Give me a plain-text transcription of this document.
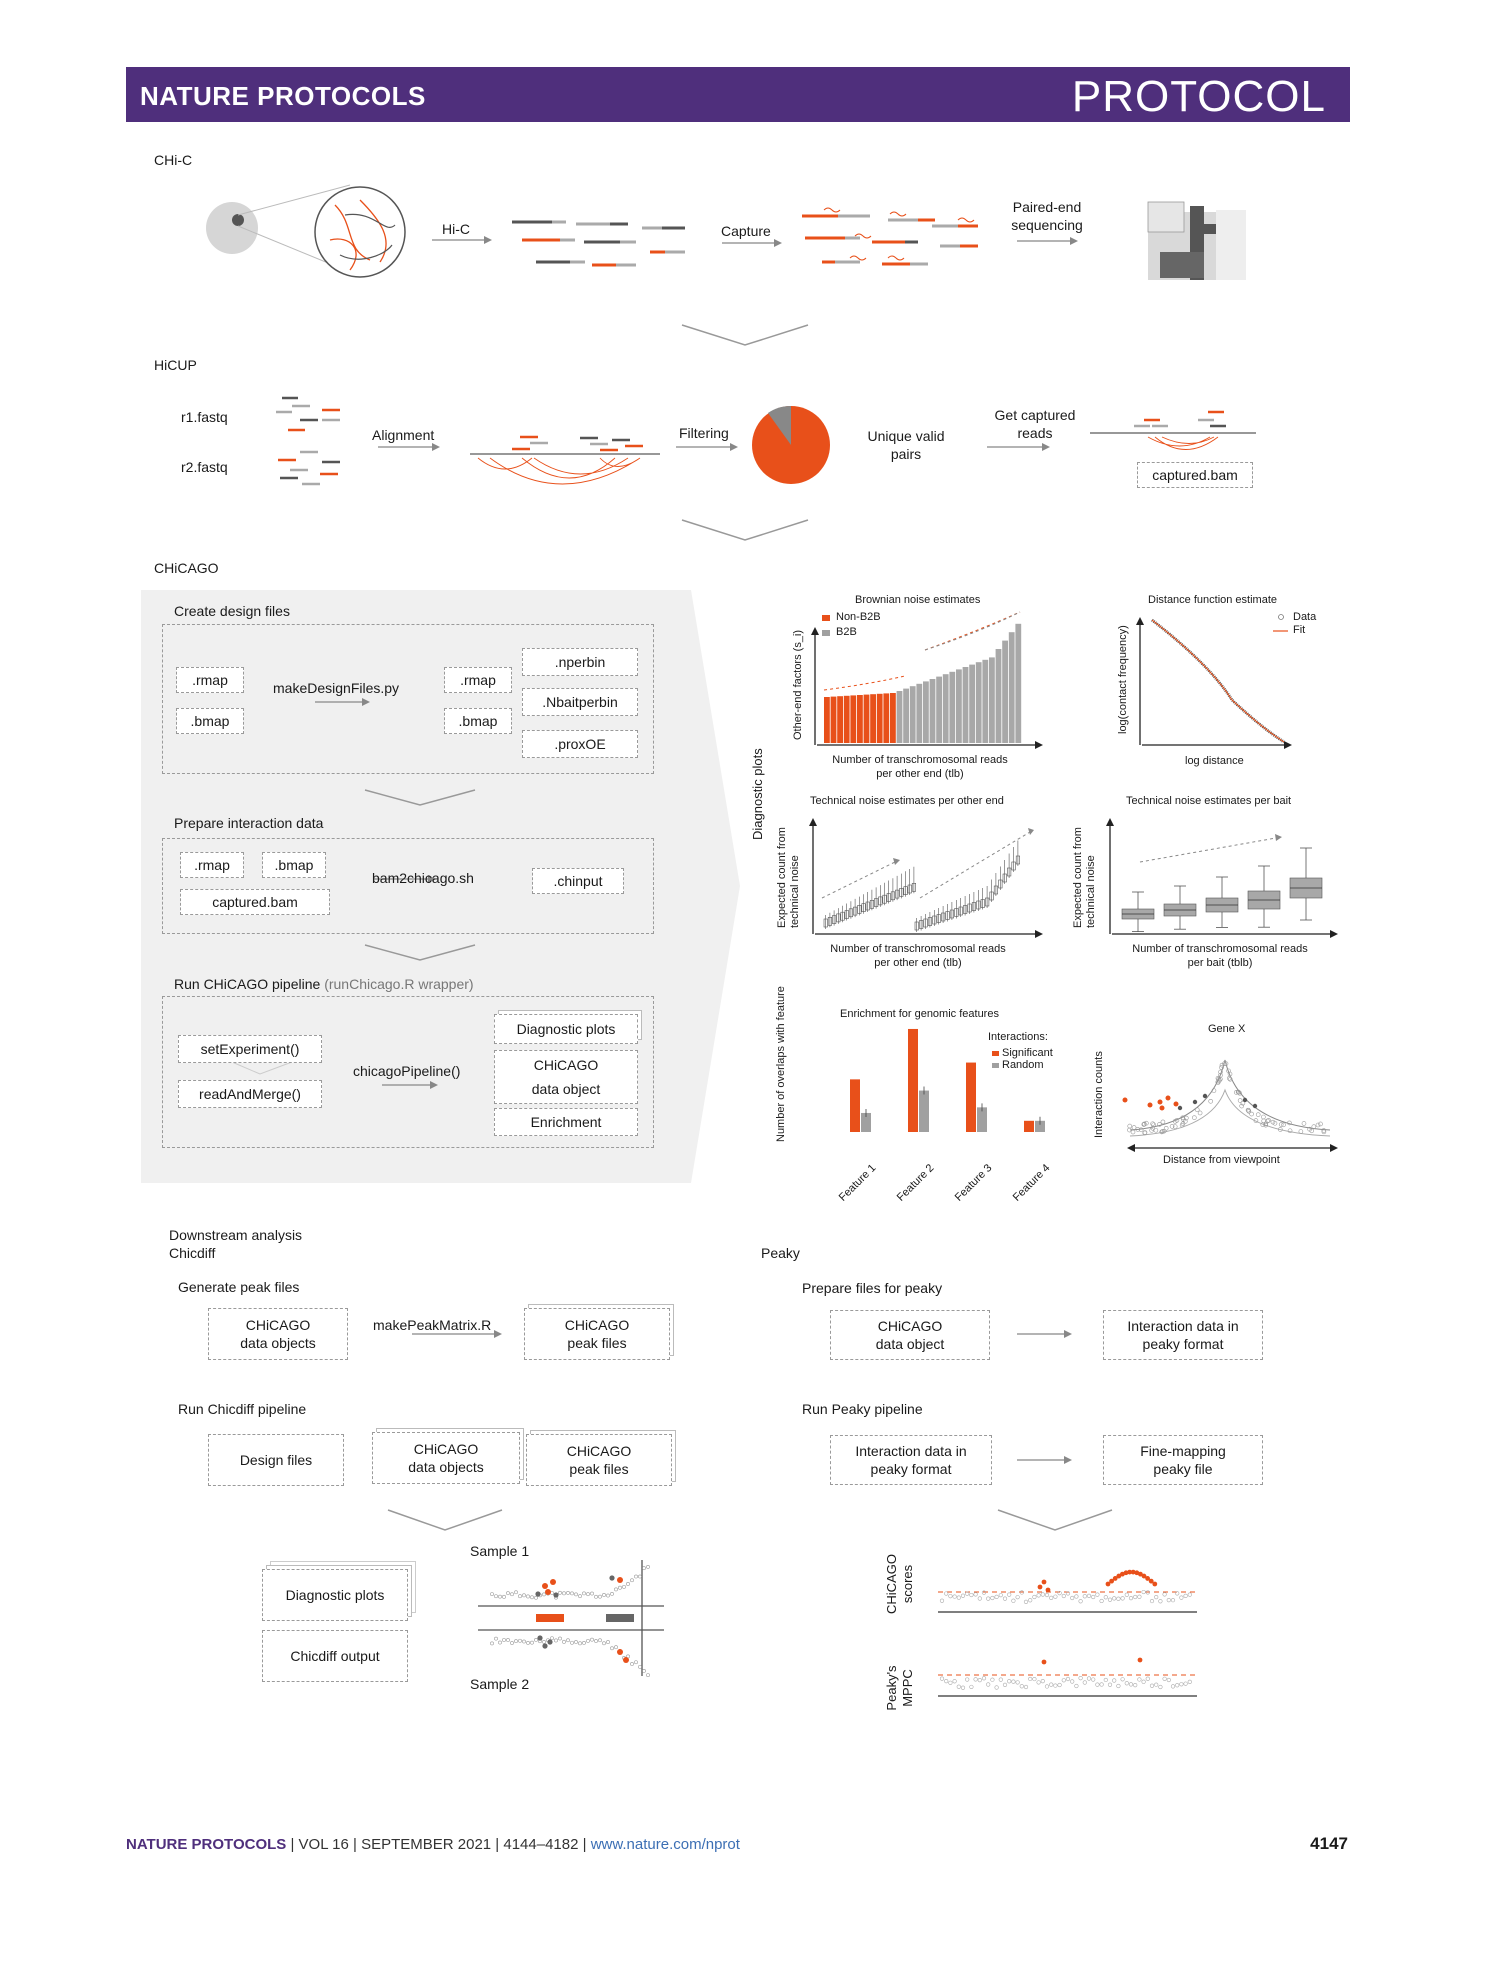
NATURE PROTOCOLS	PROTOCOL
CHi-C
Hi-C	Capture
Paired-end sequencing
HiCUP
r1.fastq
r2.fastq
Alignment	Filtering	Unique valid pairs
Get captured reads
captured.bam
CHiCAGO
Create design files
.rmap
.bmap
makeDesignFiles.py	.rmap
.bmap
.nperbin
.Nbaitperbin
.proxOE
Prepare interaction data
.rmap	.bmap
captured.bam
bam2chicago.sh	.chinput
Run CHiCAGO pipeline (runChicago.R wrapper)
setExperiment()
readAndMerge()
chicagoPipeline()
Diagnostic plots
CHiCAGO
data object
Enrichment
Diagnostic plots
Brownian noise estimates
Other-end factors (s_i)
Number of transchromosomal reads
per other end (tlb)
Non-B2B
B2B
Distance function estimate
log(contact frequency)
log distance
Data
Fit
Technical noise estimates per other end
Expected count from
technical noise
Number of transchromosomal reads
per other end (tlb)
Technical noise estimates per bait
Expected count from
technical noise
Number of transchromosomal reads
per bait (tblb)
Enrichment for genomic features
Number of overlaps with feature	Interactions:
Significant
Random
Feature 1 Feature 2 Feature 3 Feature 4
Gene X
Interaction counts
Distance from viewpoint
Downstream analysis
Chicdiff	Peaky
Generate peak files
CHiCAGO
data objects
makePeakMatrix.R	CHiCAGO
peak files
Run Chicdiff pipeline
Design files
CHiCAGO
data objects
CHiCAGO
peak files
Diagnostic plots
Chicdiff output
Sample 1
Sample 2
Prepare files for peaky
CHiCAGO
data object
Interaction data in
peaky format
Run Peaky pipeline
Interaction data in
peaky format
Fine-mapping
peaky file
CHiCAGO scores
Peaky's MPPC
NATURE PROTOCOLS | VOL 16 | SEPTEMBER 2021 | 4144–4182 | www.nature.com/nprot	4147
